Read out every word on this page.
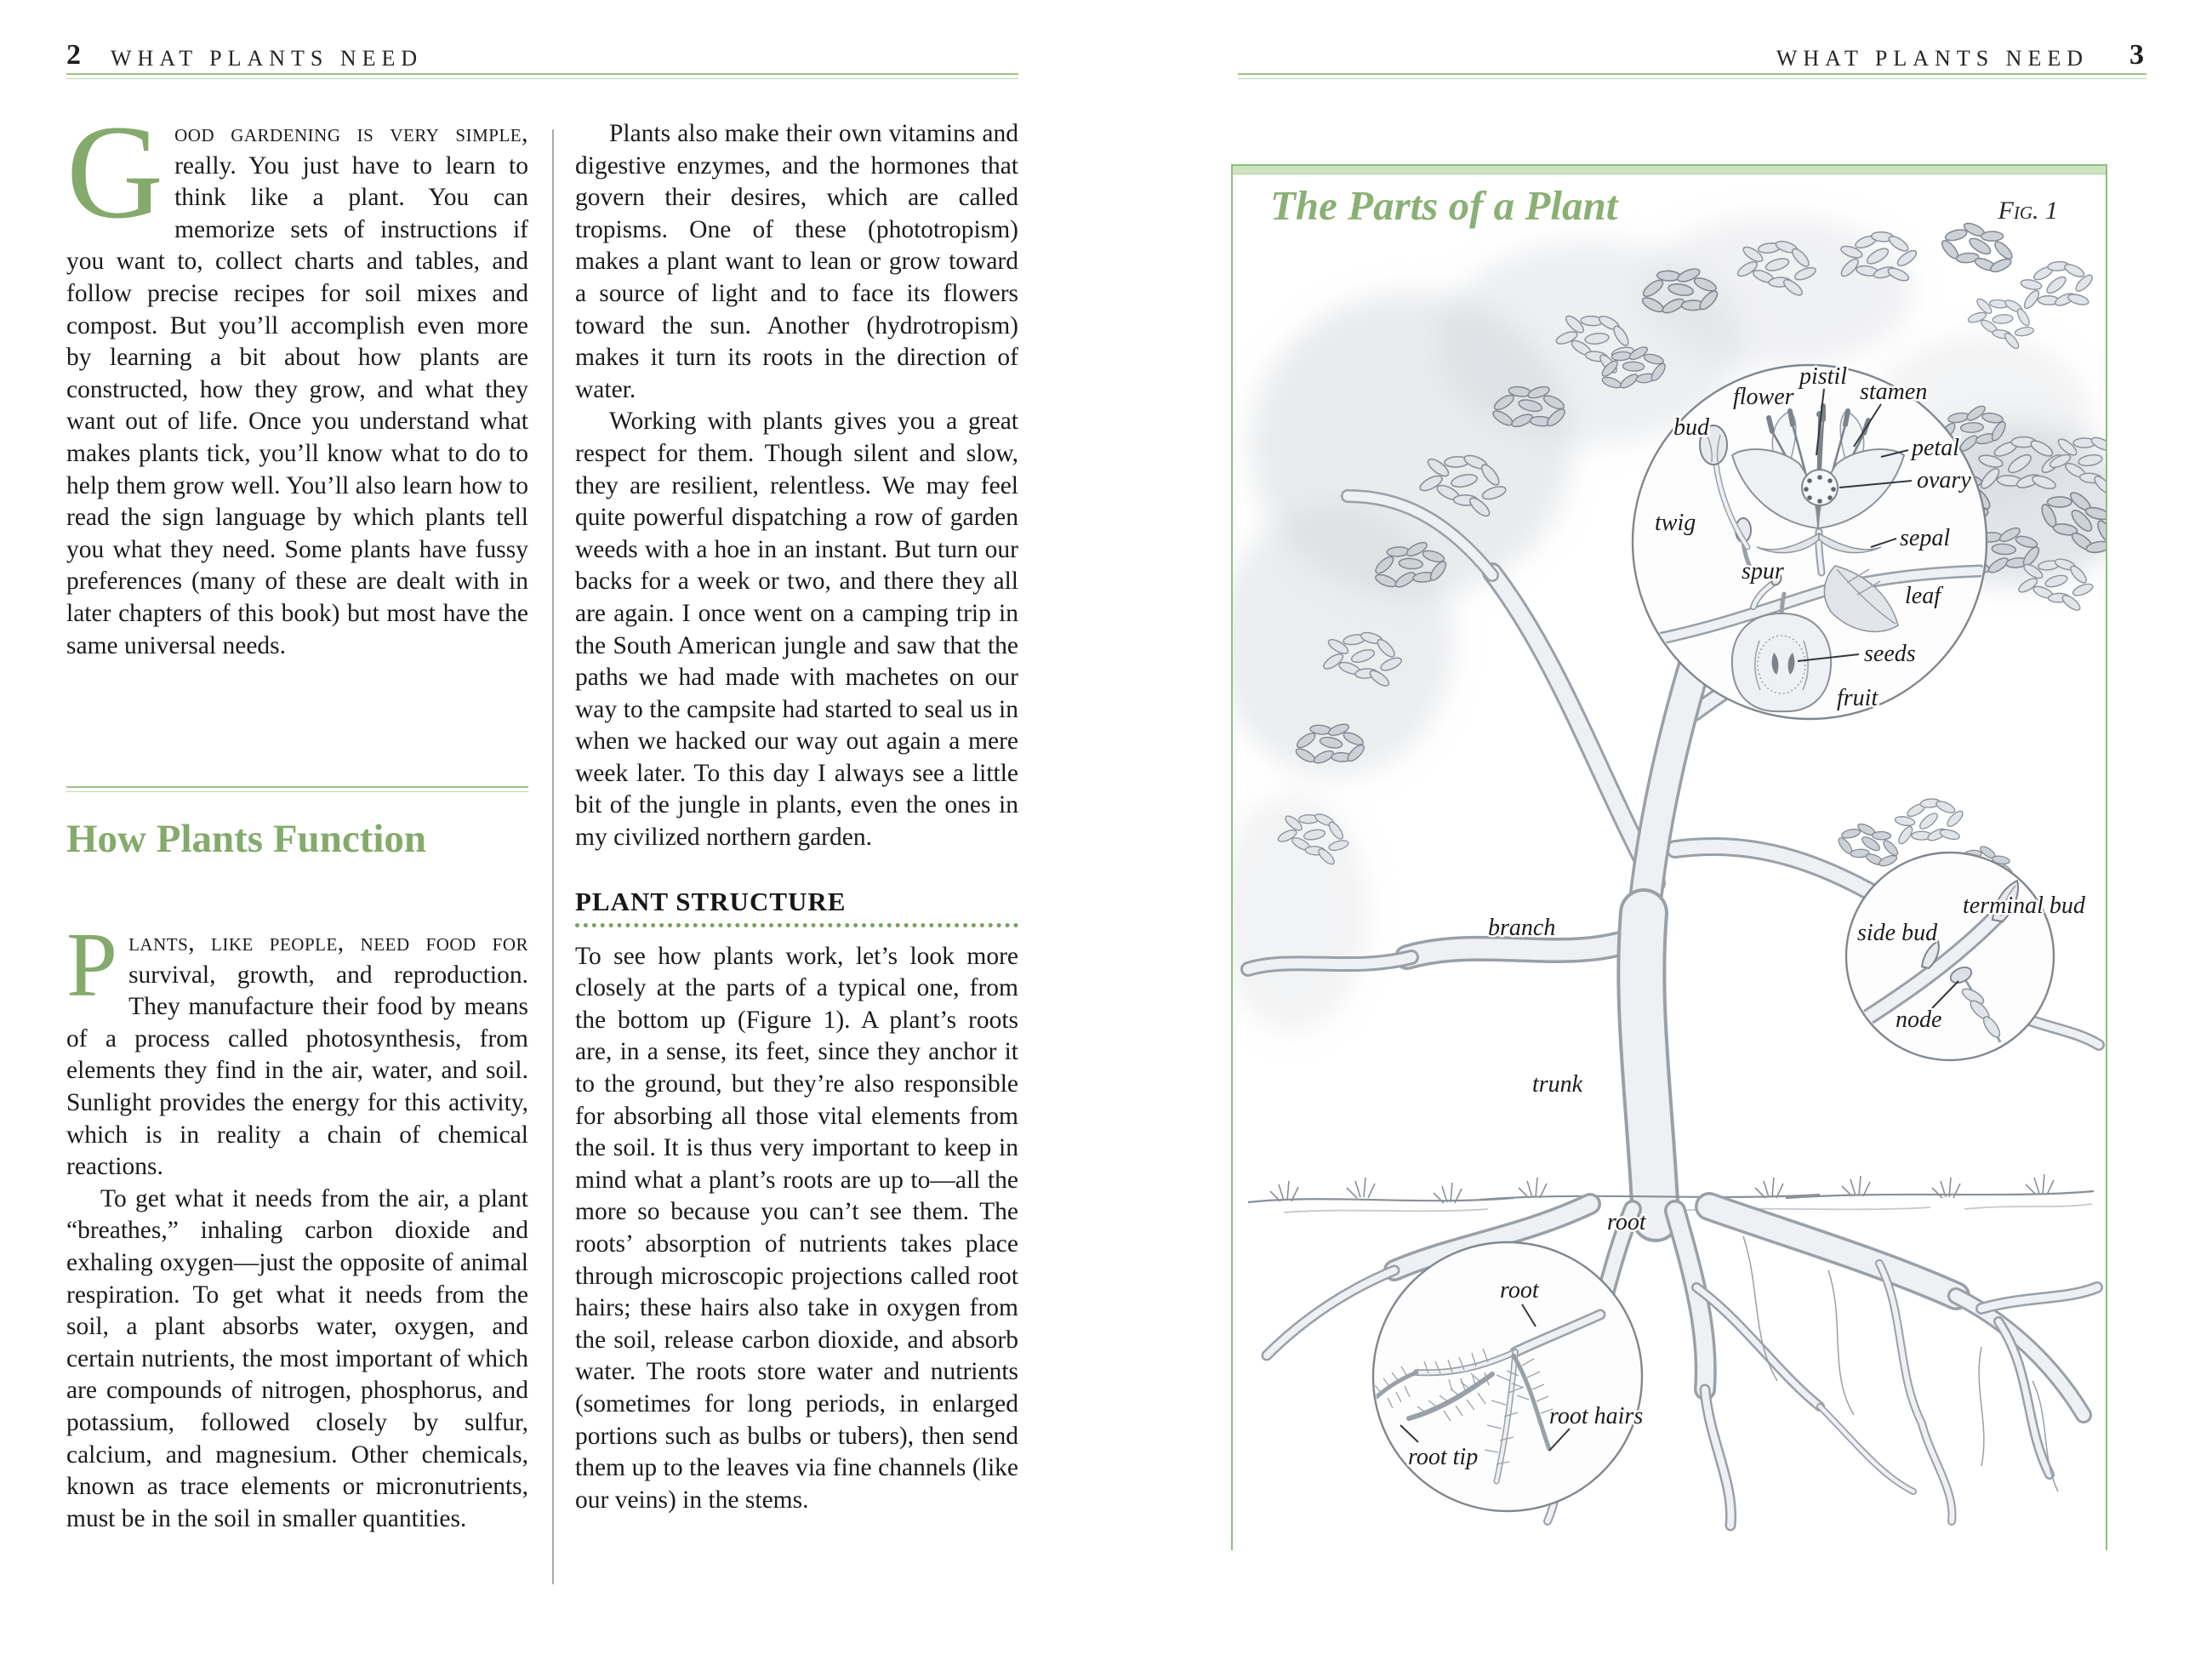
2 WHAT PLANTS NEED

Good gardening is very simple, really. You just have to learn to think like a plant. You can memorize sets of instructions if you want to, collect charts and tables, and follow precise recipes for soil mixes and compost. But you’ll accomplish even more by learning a bit about how plants are constructed, how they grow, and what they want out of life. Once you understand what makes plants tick, you’ll know what to do to help them grow well. You’ll also learn how to read the sign language by which plants tell you what they need. Some plants have fussy preferences (many of these are dealt with in later chapters of this book) but most have the same universal needs.

How Plants Function

Plants, like people, need food for survival, growth, and reproduction. They manufacture their food by means of a process called photosynthesis, from elements they find in the air, water, and soil. Sunlight provides the energy for this activity, which is in reality a chain of chemical reactions.

To get what it needs from the air, a plant “breathes,” inhaling carbon dioxide and exhaling oxygen—just the opposite of animal respiration. To get what it needs from the soil, a plant absorbs water, oxygen, and certain nutrients, the most important of which are compounds of nitrogen, phosphorus, and potassium, followed closely by sulfur, calcium, and magnesium. Other chemicals, known as trace elements or micronutrients, must be in the soil in smaller quantities.

Plants also make their own vitamins and digestive enzymes, and the hormones that govern their desires, which are called tropisms. One of these (phototropism) makes a plant want to lean or grow toward a source of light and to face its flowers toward the sun. Another (hydrotropism) makes it turn its roots in the direction of water.

Working with plants gives you a great respect for them. Though silent and slow, they are resilient, relentless. We may feel quite powerful dispatching a row of garden weeds with a hoe in an instant. But turn our backs for a week or two, and there they all are again. I once went on a camping trip in the South American jungle and saw that the paths we had made with machetes on our way to the campsite had started to seal us in when we hacked our way out again a mere week later. To this day I always see a little bit of the jungle in plants, even the ones in my civilized northern garden.

PLANT STRUCTURE

To see how plants work, let’s look more closely at the parts of a typical one, from the bottom up (Figure 1). A plant’s roots are, in a sense, its feet, since they anchor it to the ground, but they’re also responsible for absorbing all those vital elements from the soil. It is thus very important to keep in mind what a plant’s roots are up to—all the more so because you can’t see them. The roots’ absorption of nutrients takes place through microscopic projections called root hairs; these hairs also take in oxygen from the soil, release carbon dioxide, and absorb water. The roots store water and nutrients (sometimes for long periods, in enlarged portions such as bulbs or tubers), then send them up to the leaves via fine channels (like our veins) in the stems.

WHAT PLANTS NEED 3
pistil
stamen
flower
bud
petal
ovary
twig
sepal
spur
leaf
seeds
fruit
branch	side bud
terminal bud
node
trunk
root
root
root hairs
root tip
The Parts of a Plant	Fig. 1
